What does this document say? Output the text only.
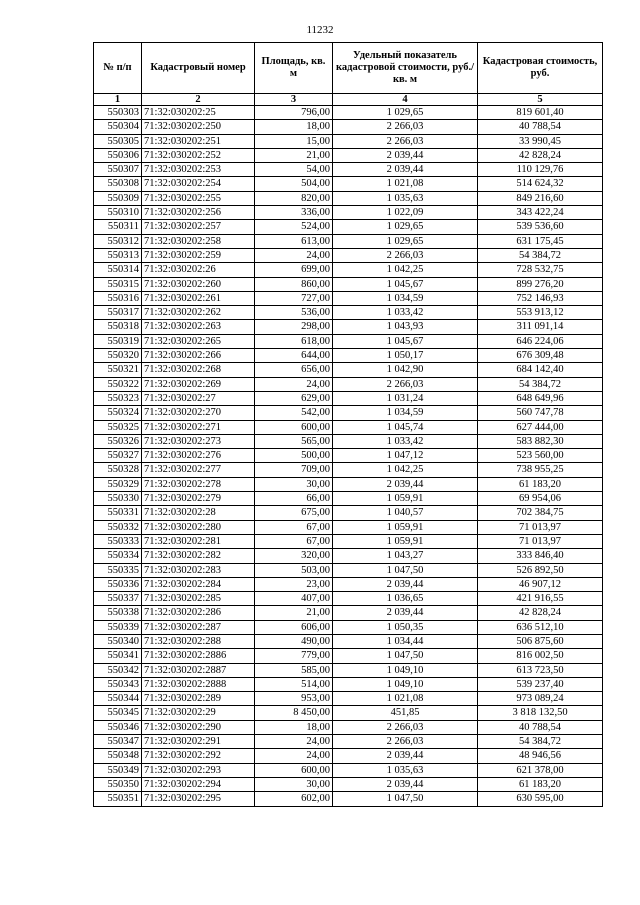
11232
№ п/п	Кадастровый номер	Площадь, кв. м	Удельный показатель кадастровой стоимости, руб./кв. м	Кадастровая стоимость, руб.
1	2	3	4	5
550303	71:32:030202:25	796,00	1 029,65	819 601,40
550304	71:32:030202:250	18,00	2 266,03	40 788,54
550305	71:32:030202:251	15,00	2 266,03	33 990,45
550306	71:32:030202:252	21,00	2 039,44	42 828,24
550307	71:32:030202:253	54,00	2 039,44	110 129,76
550308	71:32:030202:254	504,00	1 021,08	514 624,32
550309	71:32:030202:255	820,00	1 035,63	849 216,60
550310	71:32:030202:256	336,00	1 022,09	343 422,24
550311	71:32:030202:257	524,00	1 029,65	539 536,60
550312	71:32:030202:258	613,00	1 029,65	631 175,45
550313	71:32:030202:259	24,00	2 266,03	54 384,72
550314	71:32:030202:26	699,00	1 042,25	728 532,75
550315	71:32:030202:260	860,00	1 045,67	899 276,20
550316	71:32:030202:261	727,00	1 034,59	752 146,93
550317	71:32:030202:262	536,00	1 033,42	553 913,12
550318	71:32:030202:263	298,00	1 043,93	311 091,14
550319	71:32:030202:265	618,00	1 045,67	646 224,06
550320	71:32:030202:266	644,00	1 050,17	676 309,48
550321	71:32:030202:268	656,00	1 042,90	684 142,40
550322	71:32:030202:269	24,00	2 266,03	54 384,72
550323	71:32:030202:27	629,00	1 031,24	648 649,96
550324	71:32:030202:270	542,00	1 034,59	560 747,78
550325	71:32:030202:271	600,00	1 045,74	627 444,00
550326	71:32:030202:273	565,00	1 033,42	583 882,30
550327	71:32:030202:276	500,00	1 047,12	523 560,00
550328	71:32:030202:277	709,00	1 042,25	738 955,25
550329	71:32:030202:278	30,00	2 039,44	61 183,20
550330	71:32:030202:279	66,00	1 059,91	69 954,06
550331	71:32:030202:28	675,00	1 040,57	702 384,75
550332	71:32:030202:280	67,00	1 059,91	71 013,97
550333	71:32:030202:281	67,00	1 059,91	71 013,97
550334	71:32:030202:282	320,00	1 043,27	333 846,40
550335	71:32:030202:283	503,00	1 047,50	526 892,50
550336	71:32:030202:284	23,00	2 039,44	46 907,12
550337	71:32:030202:285	407,00	1 036,65	421 916,55
550338	71:32:030202:286	21,00	2 039,44	42 828,24
550339	71:32:030202:287	606,00	1 050,35	636 512,10
550340	71:32:030202:288	490,00	1 034,44	506 875,60
550341	71:32:030202:2886	779,00	1 047,50	816 002,50
550342	71:32:030202:2887	585,00	1 049,10	613 723,50
550343	71:32:030202:2888	514,00	1 049,10	539 237,40
550344	71:32:030202:289	953,00	1 021,08	973 089,24
550345	71:32:030202:29	8 450,00	451,85	3 818 132,50
550346	71:32:030202:290	18,00	2 266,03	40 788,54
550347	71:32:030202:291	24,00	2 266,03	54 384,72
550348	71:32:030202:292	24,00	2 039,44	48 946,56
550349	71:32:030202:293	600,00	1 035,63	621 378,00
550350	71:32:030202:294	30,00	2 039,44	61 183,20
550351	71:32:030202:295	602,00	1 047,50	630 595,00
